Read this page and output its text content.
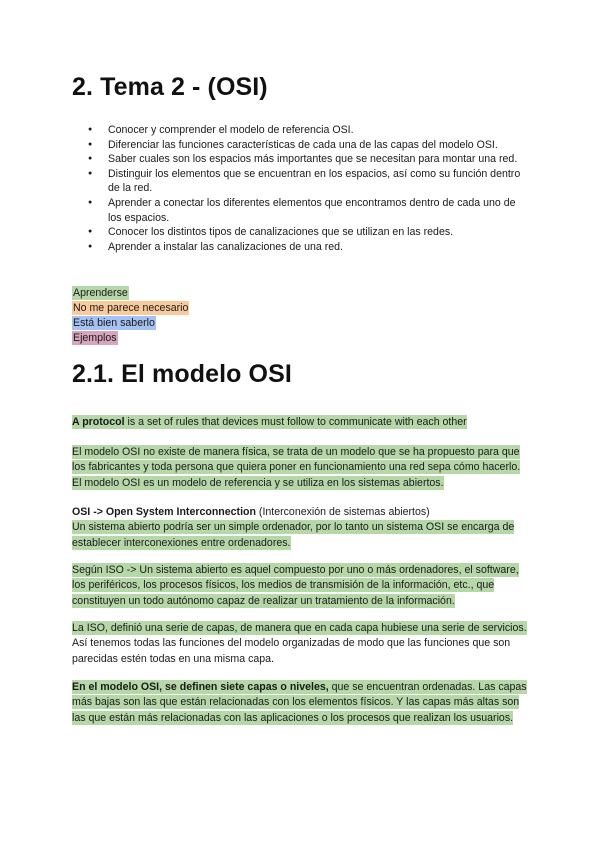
2. Tema 2 - (OSI)
● Conocer y comprender el modelo de referencia OSI.
● Diferenciar las funciones características de cada una de las capas del modelo OSI.
● Saber cuales son los espacios más importantes que se necesitan para montar una red.
● Distinguir los elementos que se encuentran en los espacios, así como su función dentro de la red.
● Aprender a conectar los diferentes elementos que encontramos dentro de cada uno de los espacios.
● Conocer los distintos tipos de canalizaciones que se utilizan en las redes.
● Aprender a instalar las canalizaciones de una red.
Aprenderse
No me parece necesario
Está bien saberlo
Ejemplos
2.1. El modelo OSI
A protocol is a set of rules that devices must follow to communicate with each other
El modelo OSI no existe de manera física, se trata de un modelo que se ha propuesto para que los fabricantes y toda persona que quiera poner en funcionamiento una red sepa cómo hacerlo. El modelo OSI es un modelo de referencia y se utiliza en los sistemas abiertos.
OSI -> Open System Interconnection (Interconexión de sistemas abiertos)
Un sistema abierto podría ser un simple ordenador, por lo tanto un sistema OSI se encarga de establecer interconexiones entre ordenadores.
Según ISO -> Un sistema abierto es aquel compuesto por uno o más ordenadores, el software, los periféricos, los procesos físicos, los medios de transmisión de la información, etc., que constituyen un todo autónomo capaz de realizar un tratamiento de la información.
La ISO, definió una serie de capas, de manera que en cada capa hubiese una serie de servicios. Así tenemos todas las funciones del modelo organizadas de modo que las funciones que son parecidas estén todas en una misma capa.
En el modelo OSI, se definen siete capas o niveles, que se encuentran ordenadas. Las capas más bajas son las que están relacionadas con los elementos físicos. Y las capas más altas son las que están más relacionadas con las aplicaciones o los procesos que realizan los usuarios.
